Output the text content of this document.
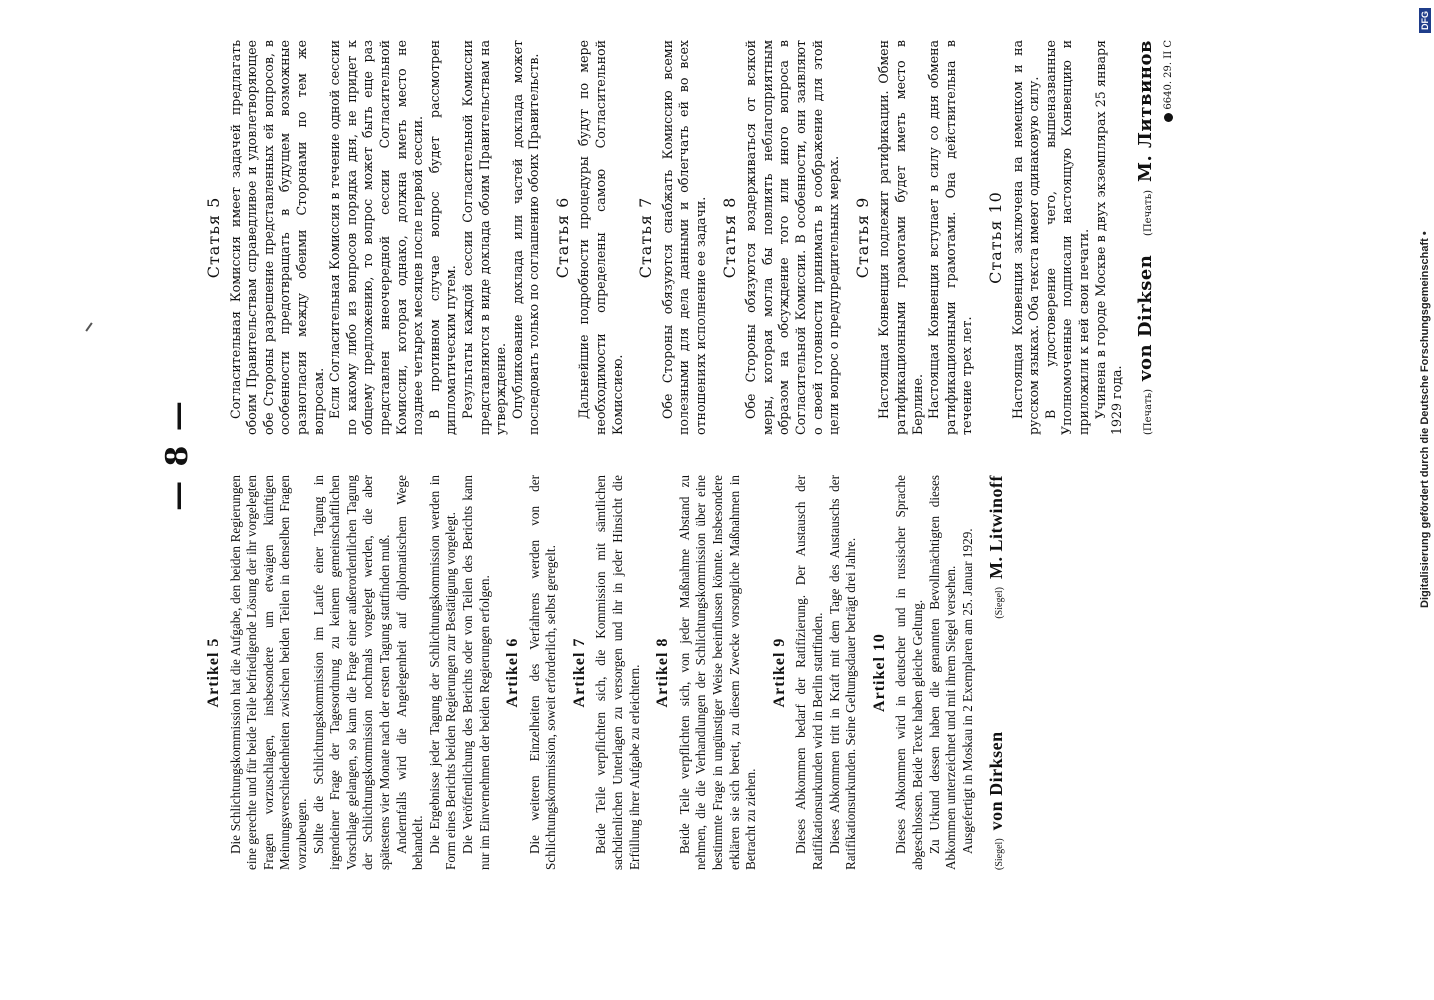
— 8 —
Artikel 5 Die Schlichtungskommission hat die Aufgabe, den beiden Regierungen eine gerechte und für beide Teile befriedigende Lösung der ihr vorgelegten Fragen vorzuschlagen, insbesondere um etwaigen künftigen Meinungsverschiedenheiten zwischen beiden Teilen in denselben Fragen vorzubeugen. Sollte die Schlichtungskommission im Laufe einer Tagung in irgendeiner Frage der Tagesordnung zu keinem gemeinschaftlichen Vorschlage gelangen, so kann die Frage einer außerordentlichen Tagung der Schlichtungskommission nochmals vorgelegt werden, die aber spätestens vier Monate nach der ersten Tagung stattfinden muß. Andernfalls wird die Angelegenheit auf diplomatischem Wege behandelt. Die Ergebnisse jeder Tagung der Schlichtungskommission werden in Form eines Berichts beiden Regierungen zur Bestätigung vorgelegt. Die Veröffentlichung des Berichts oder von Teilen des Berichts kann nur im Einvernehmen der beiden Regierungen erfolgen. Artikel 6 Die weiteren Einzelheiten des Verfahrens werden von der Schlichtungskommission, soweit erforderlich, selbst geregelt. Artikel 7 Beide Teile verpflichten sich, die Kommission mit sämtlichen sachdienlichen Unterlagen zu versorgen und ihr in jeder Hinsicht die Erfüllung ihrer Aufgabe zu erleichtern. Artikel 8 Beide Teile verpflichten sich, von jeder Maßnahme Abstand zu nehmen, die die Verhandlungen der Schlichtungskommission über eine bestimmte Frage in ungünstiger Weise beeinflussen könnte. Insbesondere erklären sie sich bereit, zu diesem Zwecke vorsorgliche Maßnahmen in Betracht zu ziehen.

Artikel 9 Dieses Abkommen bedarf der Ratifizierung. Der Austausch der Ratifikationsurkunden wird in Berlin stattfinden. Dieses Abkommen tritt in Kraft mit dem Tage des Austauschs der Ratifikationsurkunden. Seine Geltungsdauer beträgt drei Jahre. Artikel 10 Dieses Abkommen wird in deutscher und in russischer Sprache abgeschlossen. Beide Texte haben gleiche Geltung. Zu Urkund dessen haben die genannten Bevollmächtigten dieses Abkommen unterzeichnet und mit ihrem Siegel versehen. Ausgefertigt in Moskau in 2 Exemplaren am 25. Januar 1929.

(Siegel)
von Dirksen
(Siegel)
M. Litwinoff
Статья 5 Согласительная Комиссия имеет задачей предлагать обоим Правительствам справедливое и удовлетворяющее обе Стороны разрешение представленных ей вопросов, в особенности предотвращать в будущем возможные разногласия между обеими Сторонами по тем же вопросам. Если Согласительная Комиссия в течение одной сессии по какому либо из вопросов порядка дня, не придет к общему предложению, то вопрос может быть еще раз представлен внеочередной сессии Согласительной Комиссии, которая однако, должна иметь место не позднее четырех месяцев после первой сессии. В противном случае вопрос будет рассмотрен дипломатическим путем. Результаты каждой сессии Согласительной Комиссии представляются в виде доклада обоим Правительствам на утверждение. Опубликование доклада или частей доклада может последовать только по соглашению обоих Правительств. Статья 6 Дальнейшие подробности процедуры будут по мере необходимости определены самою Согласительной Комиссиею.

Статья 7 Обе Стороны обязуются снабжать Комиссию всеми полезными для дела данными и облегчать ей во всех отношениях исполнение ее задачи. Статья 8 Обе Стороны обязуются воздерживаться от всякой меры, которая могла бы повлиять неблагоприятным образом на обсуждение того или иного вопроса в Согласительной Комиссии. В особенности, они заявляют о своей готовности принимать в соображение для этой цели вопрос о предупредительных мерах. Статья 9 Настоящая Конвенция подлежит ратификации. Обмен ратификационными грамотами будет иметь место в Берлине. Настоящая Конвенция вступает в силу со дня обмена ратификационными грамотами. Она действительна в течение трех лет.

Статья 10 Настоящая Конвенция заключена на немецком и на русском языках. Оба текста имеют одинаковую силу. В удостоверение чего, вышеназванные Уполномоченные подписали настоящую Конвенцию и приложили к ней свои печати. Учинена в городе Москве в двух экземплярах 25 января 1929 года. (Печать)
von Dirksen
(Печать)
М. Литвинов 6640. 29. II C
Digitalisierung gefördert durch die Deutsche Forschungsgemeinschaft •
DFG
